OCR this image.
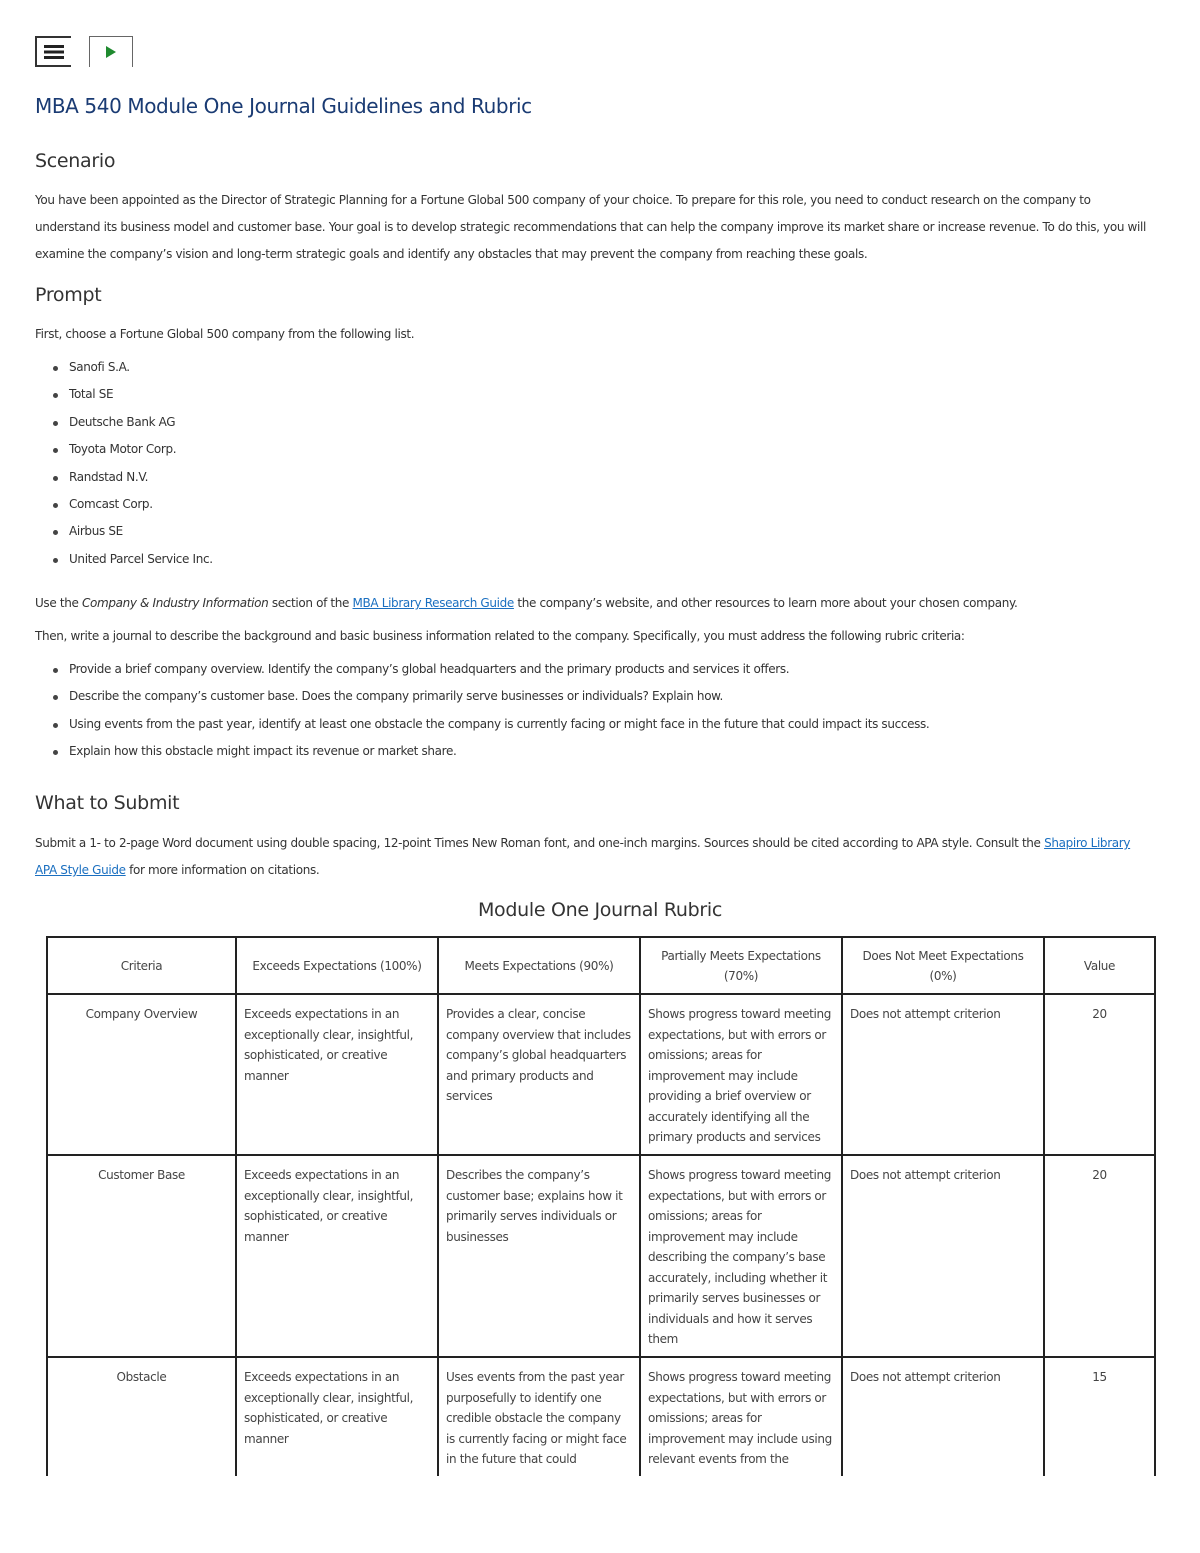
MBA 540 Module One Journal Guidelines and Rubric
Scenario

You have been appointed as the Director of Strategic Planning for a Fortune Global 500 company of your choice. To prepare for this role, you need to conduct research on the company to understand its business model and customer base. Your goal is to develop strategic recommendations that can help the company improve its market share or increase revenue. To do this, you will examine the company’s vision and long-term strategic goals and identify any obstacles that may prevent the company from reaching these goals.

Prompt

First, choose a Fortune Global 500 company from the following list.

Sanofi S.A.
Total SE
Deutsche Bank AG
Toyota Motor Corp.
Randstad N.V.
Comcast Corp.
Airbus SE
United Parcel Service Inc.

Use the Company & Industry Information section of the MBA Library Research Guide the company’s website, and other resources to learn more about your chosen company.

Then, write a journal to describe the background and basic business information related to the company. Specifically, you must address the following rubric criteria:

Provide a brief company overview. Identify the company’s global headquarters and the primary products and services it offers.
Describe the company’s customer base. Does the company primarily serve businesses or individuals? Explain how.
Using events from the past year, identify at least one obstacle the company is currently facing or might face in the future that could impact its success.
Explain how this obstacle might impact its revenue or market share.
What to Submit

Submit a 1- to 2-page Word document using double spacing, 12-point Times New Roman font, and one-inch margins. Sources should be cited according to APA style. Consult the Shapiro Library APA Style Guide for more information on citations.

Module One Journal Rubric
Criteria	Exceeds Expectations (100%)	Meets Expectations (90%)	Partially Meets Expectations (70%)	Does Not Meet Expectations (0%)	Value
Company Overview	Exceeds expectations in an exceptionally clear, insightful, sophisticated, or creative manner	Provides a clear, concise company overview that includes company’s global headquarters and primary products and services	Shows progress toward meeting expectations, but with errors or omissions; areas for improvement may include providing a brief overview or accurately identifying all the primary products and services	Does not attempt criterion	20
Customer Base	Exceeds expectations in an exceptionally clear, insightful, sophisticated, or creative manner	Describes the company’s customer base; explains how it primarily serves individuals or businesses	Shows progress toward meeting expectations, but with errors or omissions; areas for improvement may include describing the company’s base accurately, including whether it primarily serves businesses or individuals and how it serves them	Does not attempt criterion	20
Obstacle	Exceeds expectations in an exceptionally clear, insightful, sophisticated, or creative manner	Uses events from the past year purposefully to identify one credible obstacle the company is currently facing or might face in the future that could	Shows progress toward meeting expectations, but with errors or omissions; areas for improvement may include using relevant events from the	Does not attempt criterion	15
